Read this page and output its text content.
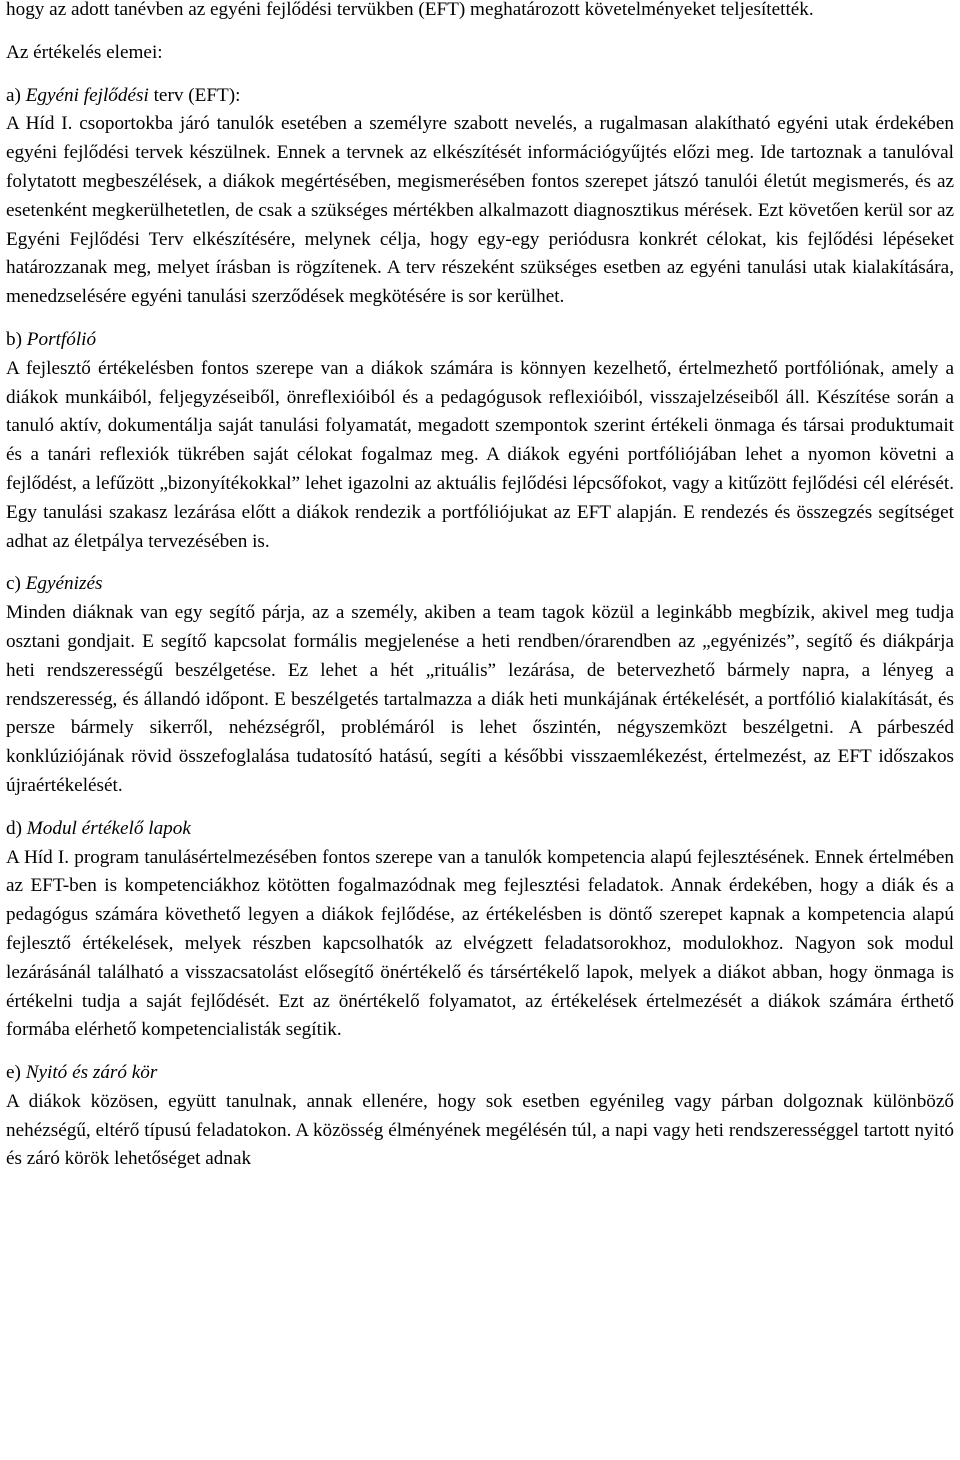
hogy az adott tanévben az egyéni fejlődési tervükben (EFT) meghatározott követelményeket teljesítették.

Az értékelés elemei:

a) Egyéni fejlődési terv (EFT):

A Híd I. csoportokba járó tanulók esetében a személyre szabott nevelés, a rugalmasan alakítható egyéni utak érdekében egyéni fejlődési tervek készülnek. Ennek a tervnek az elkészítését információgyűjtés előzi meg. Ide tartoznak a tanulóval folytatott megbeszélések, a diákok megértésében, megismerésében fontos szerepet játszó tanulói életút megismerés, és az esetenként megkerülhetetlen, de csak a szükséges mértékben alkalmazott diagnosztikus mérések. Ezt követően kerül sor az Egyéni Fejlődési Terv elkészítésére, melynek célja, hogy egy-egy periódusra konkrét célokat, kis fejlődési lépéseket határozzanak meg, melyet írásban is rögzítenek. A terv részeként szükséges esetben az egyéni tanulási utak kialakítására, menedzselésére egyéni tanulási szerződések megkötésére is sor kerülhet.

b) Portfólió

A fejlesztő értékelésben fontos szerepe van a diákok számára is könnyen kezelhető, értelmezhető portfóliónak, amely a diákok munkáiból, feljegyzéseiből, önreflexióiból és a pedagógusok reflexióiból, visszajelzéseiből áll. Készítése során a tanuló aktív, dokumentálja saját tanulási folyamatát, megadott szempontok szerint értékeli önmaga és társai produktumait és a tanári reflexiók tükrében saját célokat fogalmaz meg. A diákok egyéni portfóliójában lehet a nyomon követni a fejlődést, a lefűzött „bizonyítékokkal” lehet igazolni az aktuális fejlődési lépcsőfokot, vagy a kitűzött fejlődési cél elérését. Egy tanulási szakasz lezárása előtt a diákok rendezik a portfóliójukat az EFT alapján. E rendezés és összegzés segítséget adhat az életpálya tervezésében is.

c) Egyénizés

Minden diáknak van egy segítő párja, az a személy, akiben a team tagok közül a leginkább megbízik, akivel meg tudja osztani gondjait. E segítő kapcsolat formális megjelenése a heti rendben/órarendben az „egyénizés”, segítő és diákpárja heti rendszerességű beszélgetése. Ez lehet a hét „rituális” lezárása, de betervezhető bármely napra, a lényeg a rendszeresség, és állandó időpont. E beszélgetés tartalmazza a diák heti munkájának értékelését, a portfólió kialakítását, és persze bármely sikerről, nehézségről, problémáról is lehet őszintén, négyszemközt beszélgetni. A párbeszéd konklúziójának rövid összefoglalása tudatosító hatású, segíti a későbbi visszaemlékezést, értelmezést, az EFT időszakos újraértékelését.

d) Modul értékelő lapok

A Híd I. program tanulásértelmezésében fontos szerepe van a tanulók kompetencia alapú fejlesztésének. Ennek értelmében az EFT-ben is kompetenciákhoz kötötten fogalmazódnak meg fejlesztési feladatok. Annak érdekében, hogy a diák és a pedagógus számára követhető legyen a diákok fejlődése, az értékelésben is döntő szerepet kapnak a kompetencia alapú fejlesztő értékelések, melyek részben kapcsolhatók az elvégzett feladatsorokhoz, modulokhoz. Nagyon sok modul lezárásánál található a visszacsatolást elősegítő önértékelő és társértékelő lapok, melyek a diákot abban, hogy önmaga is értékelni tudja a saját fejlődését. Ezt az önértékelő folyamatot, az értékelések értelmezését a diákok számára érthető formába elérhető kompetencialisták segítik.

e) Nyitó és záró kör

A diákok közösen, együtt tanulnak, annak ellenére, hogy sok esetben egyénileg vagy párban dolgoznak különböző nehézségű, eltérő típusú feladatokon. A közösség élményének megélésén túl, a napi vagy heti rendszerességgel tartott nyitó és záró körök lehetőséget adnak
